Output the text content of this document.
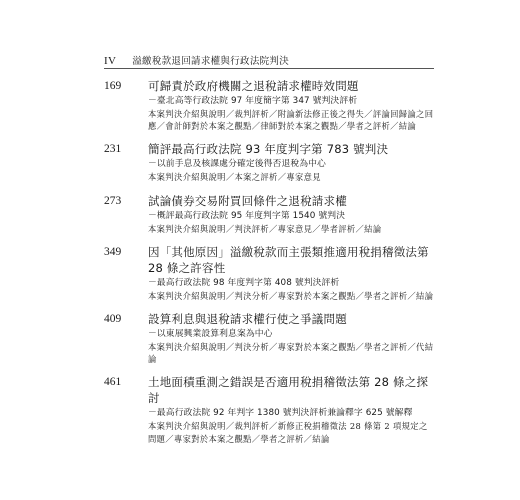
IV 溢繳稅款退回請求權與行政法院判決
169	可歸責於政府機關之退稅請求權時效問題
－臺北高等行政法院 97 年度簡字第 347 號判決評析
本案判決介紹與說明／裁判評析／附論新法修正後之得失／評論回歸論之回應／會計師對於本案之觀點／律師對於本案之觀點／學者之評析／結論
231	簡評最高行政法院 93 年度判字第 783 號判決
－以前手息及核課處分確定後得否退稅為中心
本案判決介紹與說明／本案之評析／專家意見
273	試論債券交易附買回條件之退稅請求權
－概評最高行政法院 95 年度判字第 1540 號判決
本案判決介紹與說明／判決評析／專家意見／學者評析／結論
349	因「其他原因」溢繳稅款而主張類推適用稅捐稽徵法第 28 條之許容性
－最高行政法院 98 年度判字第 408 號判決評析
本案判決介紹與說明／判決分析／專家對於本案之觀點／學者之評析／結論
409	設算利息與退稅請求權行使之爭議問題
－以東展興業設算利息案為中心
本案判決介紹與說明／判決分析／專家對於本案之觀點／學者之評析／代結論
461	土地面積重測之錯誤是否適用稅捐稽徵法第 28 條之探討
－最高行政法院 92 年判字 1380 號判決評析兼論釋字 625 號解釋
本案判決介紹與說明／裁判評析／新修正稅捐稽徵法 28 條第 2 項規定之問題／專家對於本案之觀點／學者之評析／結論
